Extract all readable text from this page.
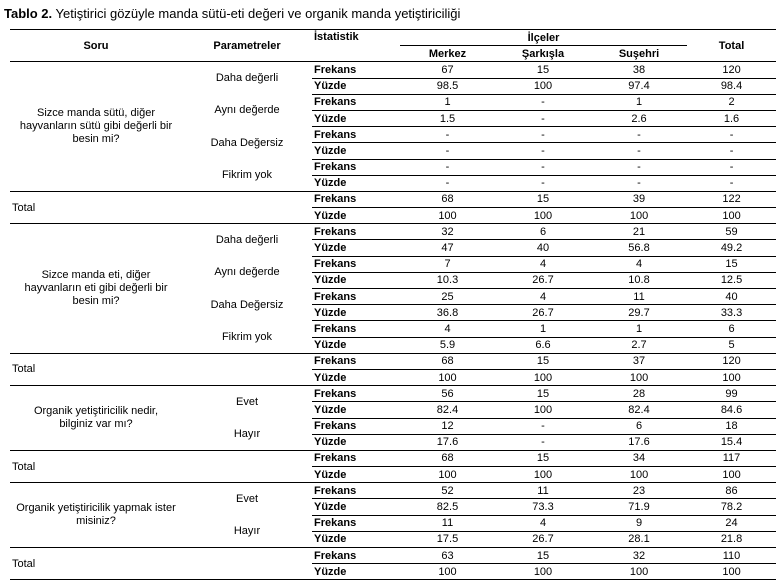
Tablo 2. Yetiştirici gözüyle manda sütü-eti değeri ve organik manda yetiştiriciliği
Soru	Parametreler	İstatistik	İlçeler			Total
			Merkez	Şarkışla	Suşehri	
Sizce manda sütü, diğer hayvanların sütü gibi değerli bir besin mi?	Daha değerli	Frekans	67	15	38	120
		Yüzde	98.5	100	97.4	98.4
	Aynı değerde	Frekans	1	-	1	2
		Yüzde	1.5	-	2.6	1.6
	Daha Değersiz	Frekans	-	-	-	-
		Yüzde	-	-	-	-
	Fikrim yok	Frekans	-	-	-	-
		Yüzde	-	-	-	-
Total		Frekans	68	15	39	122
		Yüzde	100	100	100	100
Sizce manda eti, diğer hayvanların eti gibi değerli bir besin mi?	Daha değerli	Frekans	32	6	21	59
		Yüzde	47	40	56.8	49.2
	Aynı değerde	Frekans	7	4	4	15
		Yüzde	10.3	26.7	10.8	12.5
	Daha Değersiz	Frekans	25	4	11	40
		Yüzde	36.8	26.7	29.7	33.3
	Fikrim yok	Frekans	4	1	1	6
		Yüzde	5.9	6.6	2.7	5
Total		Frekans	68	15	37	120
		Yüzde	100	100	100	100
Organik yetiştiricilik nedir, bilginiz var mı?	Evet	Frekans	56	15	28	99
		Yüzde	82.4	100	82.4	84.6
	Hayır	Frekans	12	-	6	18
		Yüzde	17.6	-	17.6	15.4
Total		Frekans	68	15	34	117
		Yüzde	100	100	100	100
Organik yetiştiricilik yapmak ister misiniz?	Evet	Frekans	52	11	23	86
		Yüzde	82.5	73.3	71.9	78.2
	Hayır	Frekans	11	4	9	24
		Yüzde	17.5	26.7	28.1	21.8
Total		Frekans	63	15	32	110
		Yüzde	100	100	100	100
